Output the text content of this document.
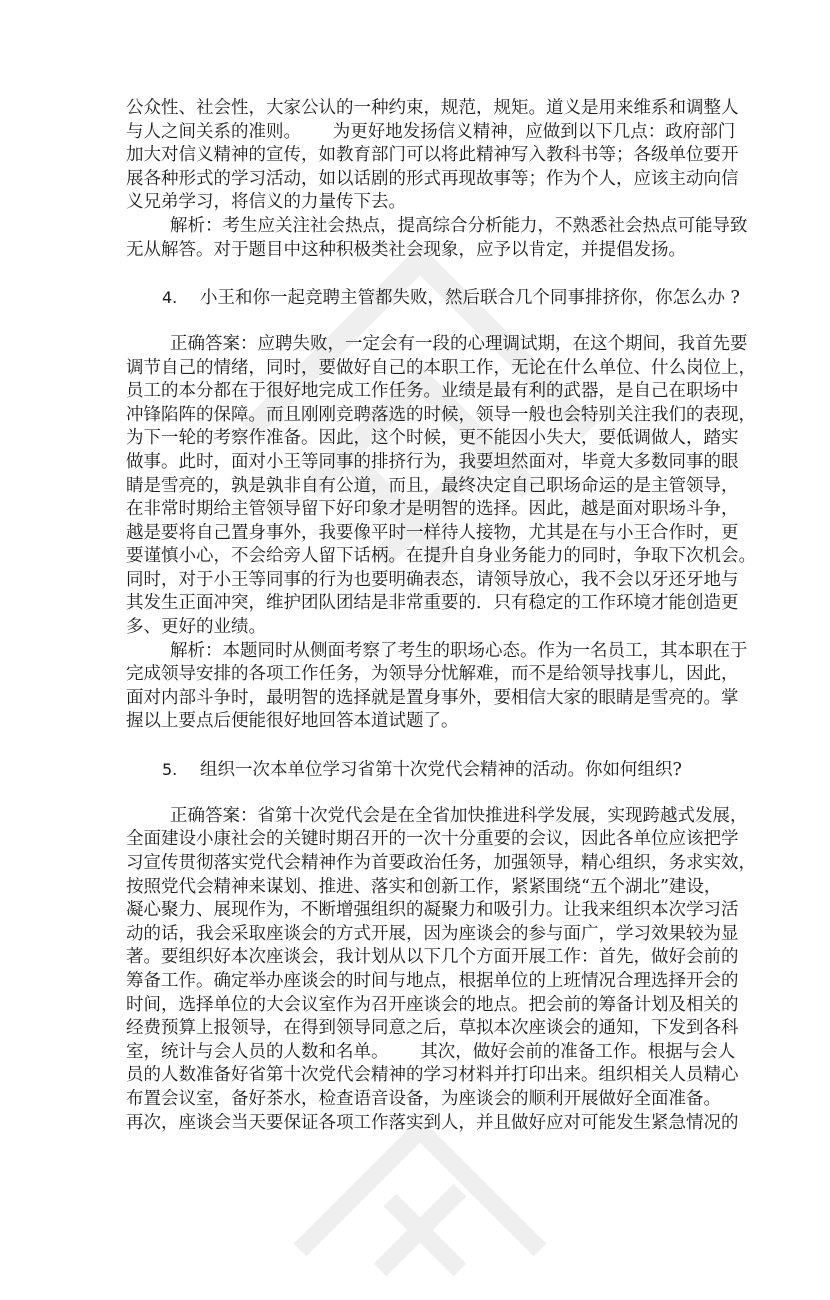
公众性、社会性，大家公认的一种约束，规范，规矩。道义是用来维系和调整人
与人之间关系的准则。　　 为更好地发扬信义精神，应做到以下几点：政府部门
加大对信义精神的宣传，如教育部门可以将此精神写入教科书等；各级单位要开
展各种形式的学习活动，如以话剧的形式再现故事等；作为个人，应该主动向信
义兄弟学习，将信义的力量传下去。
解析：考生应关注社会热点，提高综合分析能力，不熟悉社会热点可能导致
无从解答。对于题目中这种积极类社会现象，应予以肯定，并提倡发扬。
4. 小王和你一起竞聘主管都失败，然后联合几个同事排挤你，你怎么办 ?
正确答案：应聘失败，一定会有一段的心理调试期，在这个期间，我首先要
调节自己的情绪，同时，要做好自己的本职工作，无论在什么单位、什么岗位上，
员工的本分都在于很好地完成工作任务。业绩是最有利的武器，是自己在职场中
冲锋陷阵的保障。而且刚刚竞聘落选的时候，领导一般也会特别关注我们的表现，
为下一轮的考察作准备。因此，这个时候，更不能因小失大，要低调做人，踏实
做事。此时，面对小王等同事的排挤行为，我要坦然面对，毕竟大多数同事的眼
睛是雪亮的，孰是孰非自有公道，而且，最终决定自己职场命运的是主管领导，
在非常时期给主管领导留下好印象才是明智的选择。因此，越是面对职场斗争，
越是要将自己置身事外，我要像平时一样待人接物，尤其是在与小王合作时，更
要谨慎小心，不会给旁人留下话柄。在提升自身业务能力的同时，争取下次机会。
同时，对于小王等同事的行为也要明确表态，请领导放心，我不会以牙还牙地与
其发生正面冲突，维护团队团结是非常重要的．只有稳定的工作环境才能创造更
多、更好的业绩。
解析：本题同时从侧面考察了考生的职场心态。作为一名员工，其本职在于
完成领导安排的各项工作任务，为领导分忧解难，而不是给领导找事儿，因此，
面对内部斗争时，最明智的选择就是置身事外，要相信大家的眼睛是雪亮的。掌
握以上要点后便能很好地回答本道试题了。
5. 组织一次本单位学习省第十次党代会精神的活动。你如何组织?
正确答案：省第十次党代会是在全省加快推进科学发展，实现跨越式发展，
全面建设小康社会的关键时期召开的一次十分重要的会议，因此各单位应该把学
习宣传贯彻落实党代会精神作为首要政治任务，加强领导，精心组织，务求实效，
按照党代会精神来谋划、推进、落实和创新工作，紧紧围绕“五个湖北”建设，
凝心聚力、展现作为，不断增强组织的凝聚力和吸引力。让我来组织本次学习活
动的话，我会采取座谈会的方式开展，因为座谈会的参与面广，学习效果较为显
著。要组织好本次座谈会，我计划从以下几个方面开展工作：首先，做好会前的
筹备工作。确定举办座谈会的时间与地点，根据单位的上班情况合理选择开会的
时间，选择单位的大会议室作为召开座谈会的地点。把会前的筹备计划及相关的
经费预算上报领导，在得到领导同意之后，草拟本次座谈会的通知，下发到各科
室，统计与会人员的人数和名单。　　 其次，做好会前的准备工作。根据与会人
员的人数准备好省第十次党代会精神的学习材料并打印出来。组织相关人员精心
布置会议室，备好茶水，检查语音设备，为座谈会的顺利开展做好全面准备。
再次，座谈会当天要保证各项工作落实到人，并且做好应对可能发生紧急情况的
